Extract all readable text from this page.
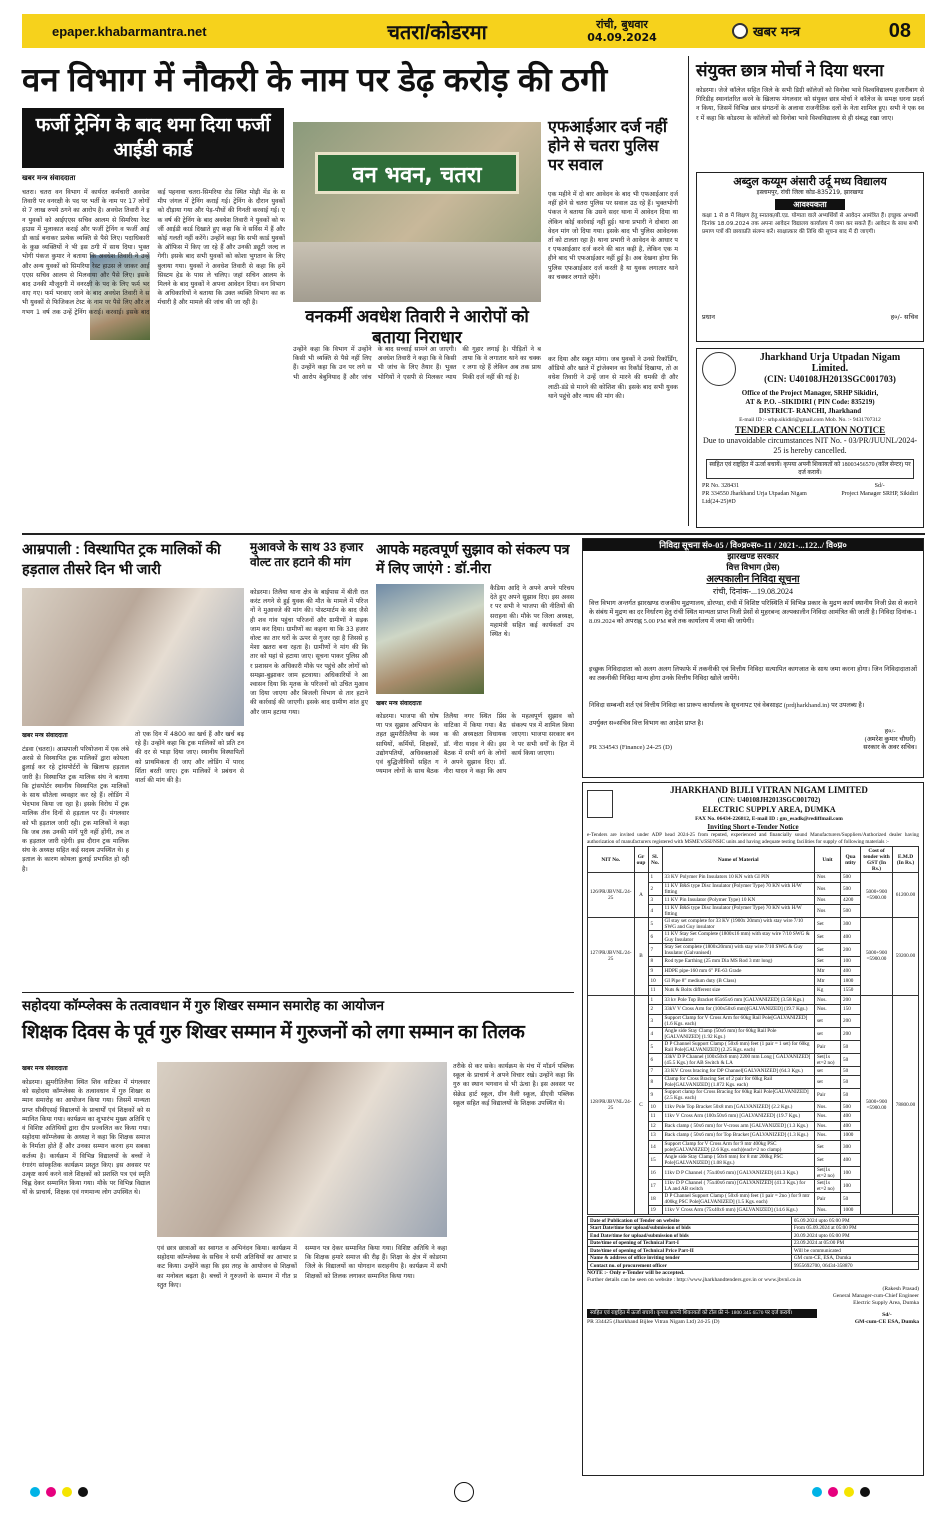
epaper.khabarmantra.net	चतरा/कोडरमा	रांची, बुधवार
04.09.2024	खबर मन्त्र	08
वन विभाग में नौकरी के नाम पर डेढ़ करोड़ की ठगी
फर्जी ट्रेनिंग के बाद थमा दिया फर्जी आईडी कार्ड
वन भवन, चतरा
वनकर्मी अवधेश तिवारी ने आरोपों को बताया निराधार
एफआईआर दर्ज नहीं होने से चतरा पुलिस पर सवाल
खबर मन्त्र संवाददाता
चतरा। चतरा वन विभाग में कार्यरत कर्मचारी अवधेश तिवारी पर वनरक्षी के पद पर भर्ती के नाम पर 17 लोगों से 7 लाख रुपये ठगने का आरोप है। अवधेश तिवारी ने इन युवकों को आईएएस सचिव आलम से सिमरिया रेस्ट हाउस में मुलाकात कराई और फर्जी ट्रेनिंग व फर्जी आईडी कार्ड बनाकर प्रत्येक व्यक्ति से पैसे लिए। पदाधिकारी के कुछ व्यक्तियों ने भी इस ठगी में साथ दिया। भुक्तभोगी पंकज कुमार ने बताया कि अवधेश तिवारी ने उन्हें और अन्य युवकों को सिमरिया रेस्ट हाउस ले जाकर आईएएस सचिव आलम से मिलवाया और पैसे लिए। इसके बाद उनकी मौजूदगी में वनरक्षी के पद के लिए फर्म भरवाए गए। फर्म भरवाए जाने के बाद अवधेश तिवारी ने सभी युवकों से फिजिकल टेस्ट के नाम पर पैसे लिए और लगभग 1 वर्ष तक उन्हें ट्रेनिंग कराई। करवाई। इसके बाद कई पहनावा चतरा-सिमरिया रोड स्थित मोढ़ी मेंड के समीप जंगल में ट्रेनिंग कराई गई। ट्रेनिंग के दौरान युवकों को दौड़ाया गया और पेड़-पौधों की गिनती करवाई गई। एक वर्ष की ट्रेनिंग के बाद अवधेश तिवारी ने युवकों को फर्जी आईडी कार्ड दिखाते हुए कहा कि वे सर्विस में हैं और कोई गलती नहीं करेंगे। उन्होंने कहा कि सभी कार्ड युवकों के ऑफिस में किए जा रहे हैं और उनकी ड्यूटी जल्द लगेगी। इसके बाद सभी युवकों को कोशा भुगतान के लिए बुलाया गया। युवकों ने अवधेश तिवारी से कहा कि हमें सिस्टम हेड के पास ले चलिए। जहां सचिन आलम के मिलने के बाद युवकों ने अपना आवेदन दिया। वन विभाग के अधिकारियों ने बताया कि उक्त व्यक्ति विभाग का कर्मचारी है और मामले की जांच की जा रही है।
उन्होंने कहा कि विभाग में उन्होंने किसी भी व्यक्ति से पैसे नहीं लिए हैं। उन्होंने कहा कि उन पर लगे सभी आरोप बेबुनियाद हैं और जांच के बाद सच्चाई सामने आ जाएगी। अवधेश तिवारी ने कहा कि वे किसी भी जांच के लिए तैयार हैं। भुक्तभोगियों ने एसपी से मिलकर न्याय की गुहार लगाई है। पीड़ितों ने बताया कि वे लगातार थाने का चक्कर लगा रहे हैं लेकिन अब तक प्राथमिकी दर्ज नहीं की गई है।
एक महीने में दो बार आवेदन के बाद भी एफआईआर दर्ज नहीं होने से चतरा पुलिस पर सवाल उठ रहे हैं। भुक्तभोगी पंकज ने बताया कि उसने सदर थाना में आवेदन दिया था लेकिन कोई कार्रवाई नहीं हुई। थाना प्रभारी ने दोबारा आवेदन मांग जो दिया गया। इसके बाद भी पुलिस आवेदनकर्ता को टालता रहा है। थाना प्रभारी ने आवेदन के आधार पर एफआईआर दर्ज करने की बात कही है, लेकिन एक महीने बाद भी एफआईआर नहीं हुई है। अब देखना होगा कि पुलिस एफआईआर दर्ज करती है या युवक लगातार थाने का चक्कर लगाते रहेंगे।
कर दिया और सबूत मांगा। जब युवकों ने उनसे रिकॉर्डिंग, ऑडियो और खाते में ट्रांजेक्शन का रिकॉर्ड दिखाया, तो अवधेश तिवारी ने उन्हें जान से मारने की धमकी दी और लाठी-डंडे से मारने की कोशिश की। इसके बाद सभी युवक थाने पहुंचे और न्याय की मांग की।
संयुक्त छात्र मोर्चा ने दिया धरना
कोडरमा। जेजे कॉलेज सहित जिले के सभी डिग्री कॉलेजों को विनोबा भावे विश्वविद्यालय हजारीबाग से गिरिडीह स्थानांतरित करने के खिलाफ मंगलवार को संयुक्त छात्र मोर्चा ने कॉलेज के समक्ष धरना प्रदर्शन किया, जिसमें विभिन्न छात्र संगठनों के अलावा राजनीतिक दलों के नेता शामिल हुए। सभी ने एक स्वर में कहा कि कोडरमा के कॉलेजों को विनोबा भावे विश्वविद्यालय से ही संबद्ध रखा जाए।
अब्दुल कय्यूम अंसारी उर्दू मध्य विद्यालय
इस्लामपुर, रांची जिला कोड-835219, झारखण्ड
आवश्यकता
कक्षा 1 से 8 में शिक्षण हेतु स्नातक/बी.एड. योग्यता वाले अभ्यर्थियों से आवेदन आमंत्रित हैं। इच्छुक अभ्यर्थी दिनांक 18.09.2024 तक अपना आवेदन विद्यालय कार्यालय में जमा कर सकते हैं। आवेदन के साथ सभी प्रमाण पत्रों की छायाप्रति संलग्न करें। साक्षात्कार की तिथि की सूचना बाद में दी जाएगी।
प्रधान	ह०/- सचिव
Jharkhand Urja Utpadan Nigam Limited.
(CIN: U40108JH2013SGC001703)
Office of the Project Manager, SRHP Sikidiri,
AT & P.O. –SIKIDIRI ( PIN Code: 835219)
DISTRICT- RANCHI, Jharkhand
E-mail ID :- srhp.sikidiri@gmail.com Mob. No. :- 9431707312
TENDER CANCELLATION NOTICE
Due to unavoidable circumstances NIT No. - 03/PR/JUUNL/2024-25 is hereby cancelled.
स्वहित एवं राष्ट्रहित में ऊर्जा बचायें। कृपया अपनी शिकायतों को 18003456570 (कॉल सेन्टर) पर दर्ज करायें।
PR No. 328431
PR 334550 Jharkhand Urja Utpadan Nigam Ltd(24-25)#D
Sd/-
Project Manager SRHP, Sikidiri
आम्रपाली : विस्थापित ट्रक मालिकों की हड़ताल तीसरे दिन भी जारी
खबर मन्त्र संवाददाता
टंडवा (चतरा)। आम्रपाली परियोजना में एक लंबे अरसे से विस्थापित ट्रक मालिकों द्वारा कोयला ढुलाई कर रहे ट्रांसपोर्टरों के खिलाफ हड़ताल जारी है। विस्थापित ट्रक मालिक संघ ने बताया कि ट्रांसपोर्टर स्थानीय विस्थापित ट्रक मालिकों के साथ सौतेला व्यवहार कर रहे हैं। लोडिंग में भेदभाव किया जा रहा है। इसके विरोध में ट्रक मालिक तीन दिनों से हड़ताल पर हैं। मंगलवार को भी हड़ताल जारी रही। ट्रक मालिकों ने कहा कि जब तक उनकी मांगें पूरी नहीं होंगी, तब तक हड़ताल जारी रहेगी। इस दौरान ट्रक मालिक संघ के अध्यक्ष सहित कई सदस्य उपस्थित थे। हड़ताल के कारण कोयला ढुलाई प्रभावित हो रही है।
तो एक दिन में 4800 का खर्च हैं और खर्च बढ़ रहे हैं। उन्होंने कहा कि ट्रक मालिकों को प्रति टन की दर से भाड़ा दिया जाए। स्थानीय विस्थापितों को प्राथमिकता दी जाए और लोडिंग में पारदर्शिता बरती जाए। ट्रक मालिकों ने प्रबंधन से वार्ता की मांग की है।
मुआवजे के साथ 33 हजार वोल्ट तार हटाने की मांग
कोडरमा। तिलैया थाना क्षेत्र के बाईपास में बीती रात करंट लगने से हुई युवक की मौत के मामले में परिजनों ने मुआवजे की मांग की। पोस्टमार्टम के बाद जैसे ही शव गांव पहुंचा परिजनों और ग्रामीणों ने सड़क जाम कर दिया। ग्रामीणों का कहना था कि 33 हजार वोल्ट का तार घरों के ऊपर से गुजर रहा है जिससे हमेशा खतरा बना रहता है। ग्रामीणों ने मांग की कि तार को यहां से हटाया जाए। सूचना पाकर पुलिस और प्रशासन के अधिकारी मौके पर पहुंचे और लोगों को समझा-बुझाकर जाम हटवाया। अधिकारियों ने आश्वासन दिया कि मृतक के परिजनों को उचित मुआवजा दिया जाएगा और बिजली विभाग से तार हटाने की कार्रवाई की जाएगी। इसके बाद ग्रामीण शांत हुए और जाम हटाया गया।
आपके महत्वपूर्ण सुझाव को संकल्प पत्र में लिए जाएंगे : डॉ.नीरा
खबर मन्त्र संवाददाता
कोडरमा। भाजपा की घोषणा पत्र सुझाव अभियान के तहत झुमरीतिलैया के व्यवसायियों, कर्मियों, शिक्षकों, उद्योगपतियों, अधिवक्ताओं एवं बुद्धिजीवियों सहित गण्यमान लोगों के साथ बैठक तिलैया नगर स्थित प्रिंस वाटिका में किया गया। बैठक की अध्यक्षता विधायक डॉ. नीरा यादव ने की। इस बैठक में सभी वर्ग के लोगों ने अपने सुझाव दिए। डॉ. नीरा यादव ने कहा कि आपके महत्वपूर्ण सुझाव को संकल्प पत्र में शामिल किया जाएगा। भाजपा सरकार बनने पर सभी वर्गों के हित में कार्य किया जाएगा।
कैडिया आदि ने अपने अपने परिचय देते हुए अपने सुझाव दिए। इस अवसर पर सभी ने भाजपा की नीतियों की सराहना की। मौके पर जिला अध्यक्ष, महामंत्री सहित कई कार्यकर्ता उपस्थित थे।
सहोदया कॉम्प्लेक्स के तत्वावधान में गुरु शिखर सम्मान समारोह का आयोजन
शिक्षक दिवस के पूर्व गुरु शिखर सम्मान में गुरुजनों को लगा सम्मान का तिलक
खबर मन्त्र संवाददाता
कोडरमा। झुमरीतिलैया स्थित शिव वाटिका में मंगलवार को सहोदया कॉम्प्लेक्स के तत्वावधान में गुरु शिखर सम्मान समारोह का आयोजन किया गया। जिसमें मान्यता प्राप्त सीबीएसई विद्यालयों के प्राचार्यों एवं शिक्षकों को सम्मानित किया गया। कार्यक्रम का शुभारंभ मुख्य अतिथि एवं विशिष्ट अतिथियों द्वारा दीप प्रज्वलित कर किया गया। सहोदया कॉम्प्लेक्स के अध्यक्ष ने कहा कि शिक्षक समाज के निर्माता होते हैं और उनका सम्मान करना हम सबका कर्तव्य है। कार्यक्रम में विभिन्न विद्यालयों के बच्चों ने रंगारंग सांस्कृतिक कार्यक्रम प्रस्तुत किए। इस अवसर पर उत्कृष्ट कार्य करने वाले शिक्षकों को प्रशस्ति पत्र एवं स्मृति चिह्न देकर सम्मानित किया गया। मौके पर विभिन्न विद्यालयों के प्राचार्य, शिक्षक एवं गणमान्य लोग उपस्थित थे।
एवं छात्र छात्राओं का स्वागत व अभिनंदन किया। कार्यक्रम में सहोदया कॉम्प्लेक्स के सचिव ने सभी अतिथियों का आभार प्रकट किया। उन्होंने कहा कि इस तरह के आयोजन से शिक्षकों का मनोबल बढ़ता है। बच्चों ने गुरुजनों के सम्मान में गीत प्रस्तुत किए।
सम्मान पत्र देकर सम्मानित किया गया। विशिष्ट अतिथि ने कहा कि शिक्षक हमारे समाज की रीढ़ हैं। शिक्षा के क्षेत्र में कोडरमा जिले के विद्यालयों का योगदान सराहनीय है। कार्यक्रम में सभी शिक्षकों को तिलक लगाकर सम्मानित किया गया।
तरीके से कर सके। कार्यक्रम के मंच में मॉडर्न पब्लिक स्कूल के प्राचार्य ने अपने विचार रखे। उन्होंने कहा कि गुरु का स्थान भगवान से भी ऊंचा है। इस अवसर पर सेक्रेड हार्ट स्कूल, ग्रीन वैली स्कूल, डीएवी पब्लिक स्कूल सहित कई विद्यालयों के शिक्षक उपस्थित थे।
निविदा सूचना सं०-05 / वि०प्र०स०-11 / 2021-...122../ वि०प्र०
झारखण्ड सरकार
वित्त विभाग (प्रेस)
अल्पकालीन निविदा सूचना
रांची, दिनांक-...19.08.2024
वित्त विभाग अन्तर्गत झारखण्ड राजकीय मुद्रणालय, डोरण्डा, रांची में विशिष्ट परिस्थिति में विभिन्न प्रकार के मुद्रण कार्य स्थानीय निजी प्रेस से कराने के संबंध में मुद्रण का दर निर्धारण हेतु रांची स्थित मान्यता प्राप्त निजी प्रेसों से मुहरबन्द अल्पकालीन निविदा आमंत्रित की जाती है। निविदा दिनांक-18.09.2024 को अपराह्न 5.00 PM बजे तक कार्यालय में जमा की जायेगी।
इच्छुक निविदादाता को अलग अलग लिफाफे में तकनीकी एवं वित्तीय निविदा सत्यापित कागजात के साथ जमा करना होगा। जिन निविदादाताओं का तकनीकी निविदा मान्य होगा उनके वित्तीय निविदा खोले जायेंगे।
निविदा सम्बन्धी शर्त एवं वित्तीय निविदा का प्रारूप कार्यालय के सूचनापट एवं वेबसाइट (prdjharkhand.in) पर उपलब्ध है।
उपर्युक्त स०सचिव वित्त विभाग का आदेश प्राप्त है।
PR 334543 (Finance) 24-25 (D)
ह०/-
(अमरेश कुमार चौधरी)
सरकार के अवर सचिव।
JHARKHAND BIJLI VITRAN NIGAM LIMITED
(CIN: U40108JH2013SGC001702)
ELECTRIC SUPPLY AREA, DUMKA
FAX No. 06434-226812, E-mail ID : gm_esadk@rediffmail.com
Inviting Short e-Tender Notice
e-Tenders are invited under ADP head 2024-25 from reputed, experienced and financially sound Manufacturers/Suppliers/Authorized dealer having authorization of manufacturers registered with MSME's/SSI/NSIC units and having adequate testing facilities for supply of following materials :-
NIT No.	Gr oup	Sl. No.	Name of Material	Unit	Qua ntity	Cost of tender with GST (In Rs.)	E.M.D (In Rs.)
126/PR/JBVNL/24-25	A	1	33 KV Polymer Pin Insulators 10 KN with GI PIN	Nos	500	5000+900 =5900.00	61200.00
		2	11 KV B&S type Disc Insulator (Polymer Type) 70 KN with H/W fitting	Nos	500		
		3	11 KV Pin Insulator (Polymer Type) 10 KN	Nos	4200		
		4	11 KV B&S type Disc Insulator (Polymer Type) 70 KN with H/W fitting	Nos	500		
127/PR/JBVNL/24-25	B	5	GI stay set complete for 33 KV (1900x 20mm) with stay wire 7/10 SWG and Guy insulator	Set	300	5000+900 =5900.00	59200.00
		6	11 KV Stay Set Complete (1800x16 mm) with stay wire 7/10 SWG & Guy Insulator	Set	400		
		7	Stay Set complete (1800x20mm) with stay wire 7/10 SWG & Guy Insulator (Galvanised)	Set	200		
		8	Rod type Earthing (25 mm Dia MS Rod 3 mtr long)	Set	100		
		9	HDPE pipe-160 mm 6" PE-63 Grade	Mtr	400		
		10	GI Pipe 8" medium duty (B Class)	Mtr	1800		
		11	Nuts & Bolts different size	Kg	1550		
128/PR/JBVNL/24-25	C	1	33 kv Pole Top Bracket 65x65x6 mm [GALVANIZED] (3.58 Kgs.)	Nos.	200	5000+900 =5900.00	78800.00
		2	33kV V Cross Arm for (100x50x6 mm)[GALVANIZED] (19.7 Kgs.)	Nos.	150		
		3	Support Clamp for V Cross Arm for 60kg Rail Pole[GALVANIZED] (1.6 Kgs. each)	set	200		
		4	Angle side Stay Clamp (50x6 mm) for 60kg Rail Pole [GALVANIZED] (1.92 Kgs.)	set	200		
		5	D P Channel Support Clamp ( 50x6 mm) feet (1 pair = 1 set) for 60kg Rail Pole[GALVANIZED] (2.25 Kgs. each)	Pair	50		
		6	33kV D P Channel (100x50x6 mm) 2200 mm Long [ GALVANIZED] (45.5 Kgs.) for AB Switch & LA	Set(1s et=2 no)	50		
		7	33 KV Cross bracing for DP Channel[GALVANIZED] (64.3 Kgs.)	set	50		
		8	Clamp for Cross Bracing Set of 2 pair for 60kg Rail Pole[GALVANIZED] (1.872 Kgs. each)	set	50		
		9	Support clamp for Cross Bracing for 60kg Rail Pole[GALVANIZED] (2.5 Kgs. each)	Pair	50		
		10	11kv Pole Top Bracket 50x8 mm [GALVANIZED] (2.2 Kgs.)	Nos.	500		
		11	11kv V Cross Arm (100x50x6 mm) [GALVANIZED] (19.7 Kgs.)	Nos.	400		
		12	Back clamp ( 50x6 mm) for V-cross arm [GALVANIZED] (1.3 Kgs.)	Nos.	400		
		13	Back clamp ( 50x6 mm) for Top Bracket [GALVANIZED] (1.3 Kgs.)	Nos.	1000		
		14	Support Clamp for V Cross Arm for 9 mtr 400kg PSC pole[GALVANIZED] (2.6 Kgs. each)(each=2 no clamp)	Set	300		
		15	Angle side Stay Clamp ( 50x6 mm) for 8 mtr 200kg PSC Pole[GALVANIZED] (1.08 Kgs.)	Set	400		
		16	11kv D P Channel ( 75x40x6 mm) [GALVANIZED] (41.3 Kgs.)	Set(1s et=2 no)	100		
		17	11kv D P Channel ( 75x40x6 mm) [GALVANIZED] (41.3 Kgs.) for LA and AB switch	Set(1s et=2 no)	100		
		18	D P Channel Support Clamp ( 50x6 mm) feet (1 pair = 2no ) for 9 mtr 400kg PSC Pole[GALVANIZED] (1.5 Kgs. each)	Pair	50		
		19	11kv V Cross Arm (75x40x6 mm) [GALVANIZED] (14.6 Kgs.)	Nos.	1000		
Date of Publication of Tender on website	05.09.2024 upto 05:00 PM
Start Date/time for upload/submission of bids	From 05.09.2024 at 05:00 PM
End Date/time for upload/submission of bids	20.09.2024 upto 05:00 PM
Date/time of opening of Technical Part-I	23.09.2024 at 05:00 PM
Date/time of opening of Technical Price Part-II	Will be communicated
Name & address of office inviting tender	GM cum-CE, ESA, Dumka
Contact no. of procurement officer	9955692700, 06434-358870
NOTE :- Only e-Tender will be accepted.
Further details can be seen on website : http://www.jharkhandtenders.gov.in or www.jbvnl.co.in
(Rakesh Prasad)
General Manager-cum-Chief Engineer
Electric Supply Area, Dumka
स्वहित एवं राष्ट्रहित में ऊर्जा बचायें। कृपया अपनी शिकायतों को टॉल फ्री नं- 1800 345 6570 पर दर्ज करायें।
PR 334425 (Jharkhand Bijlee Vitran Nigam Ltd) 24-25 (D)
Sd/-
GM-cum-CE ESA, Dumka
